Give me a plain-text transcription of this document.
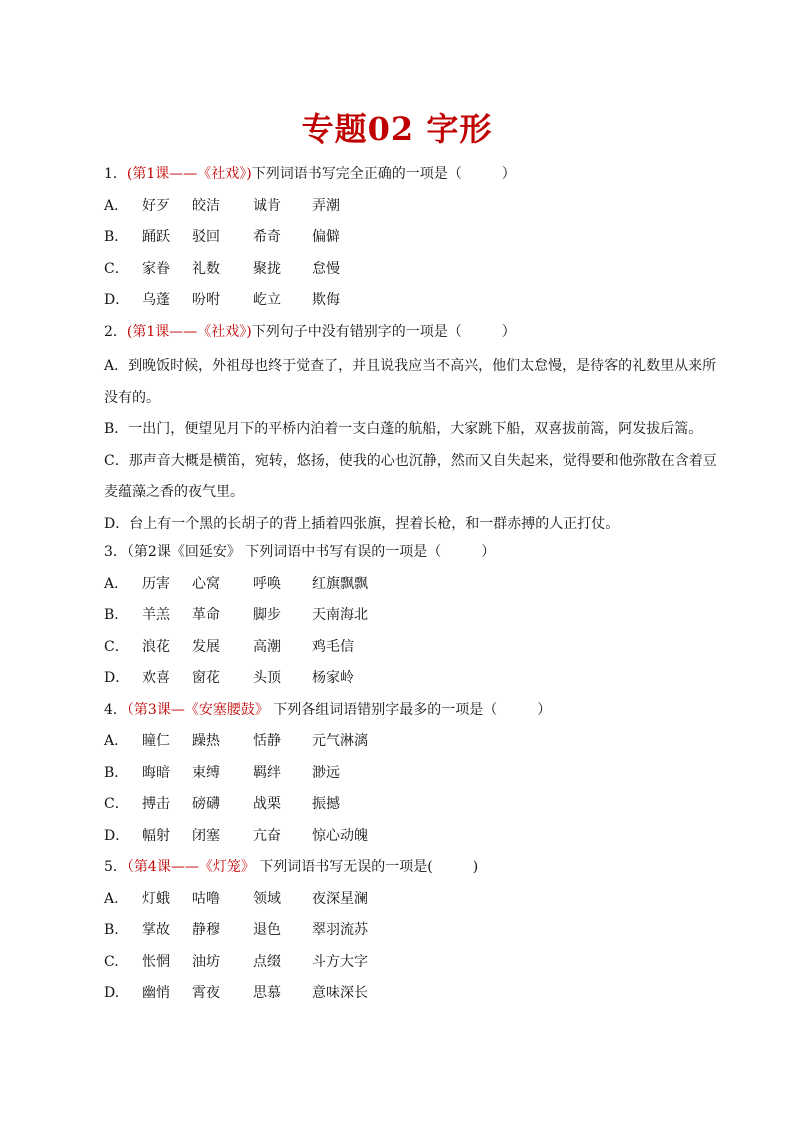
专题02 字形
1．(第1课——《社戏》)下列词语书写完全正确的一项是（	）
A． 好歹 皎洁 诚肯 弄潮
B． 踊跃 驳回 希奇 偏僻
C． 家眷 礼数 聚拢 怠慢
D． 乌蓬 吩咐 屹立 欺侮
2．(第1课——《社戏》)下列句子中没有错别字的一项是（	）
A．到晚饭时候，外祖母也终于觉查了，并且说我应当不高兴，他们太怠慢，是待客的礼数里从来所没有的。
B．一出门，便望见月下的平桥内泊着一支白蓬的航船，大家跳下船，双喜拔前篙，阿发拔后篙。
C．那声音大概是横笛，宛转，悠扬，使我的心也沉静，然而又自失起来，觉得要和他弥散在含着豆麦蕴藻之香的夜气里。
D．台上有一个黑的长胡子的背上插着四张旗，捏着长枪，和一群赤搏的人正打仗。
3．（第2课《回延安》 下列词语中书写有误的一项是（	）
A． 历害 心窝 呼唤 红旗飘飘
B． 羊羔 革命 脚步 天南海北
C． 浪花 发展 高潮 鸡毛信
D． 欢喜 窗花 头顶 杨家岭
4．（第3课—《安塞腰鼓》 下列各组词语错别字最多的一项是（	）
A． 瞳仁 躁热 恬静 元气淋漓
B． 晦暗 束缚 羁绊 渺远
C． 搏击 磅礴 战栗 振撼
D． 幅射 闭塞 亢奋 惊心动魄
5．（第4课——《灯笼》 下列词语书写无误的一项是(	)
A. 灯蛾 咕噜 领域 夜深星澜
B. 掌故 静穆 退色 翠羽流苏
C. 怅惘 油坊 点缀 斗方大字
D. 幽悄 霄夜 思慕 意味深长
